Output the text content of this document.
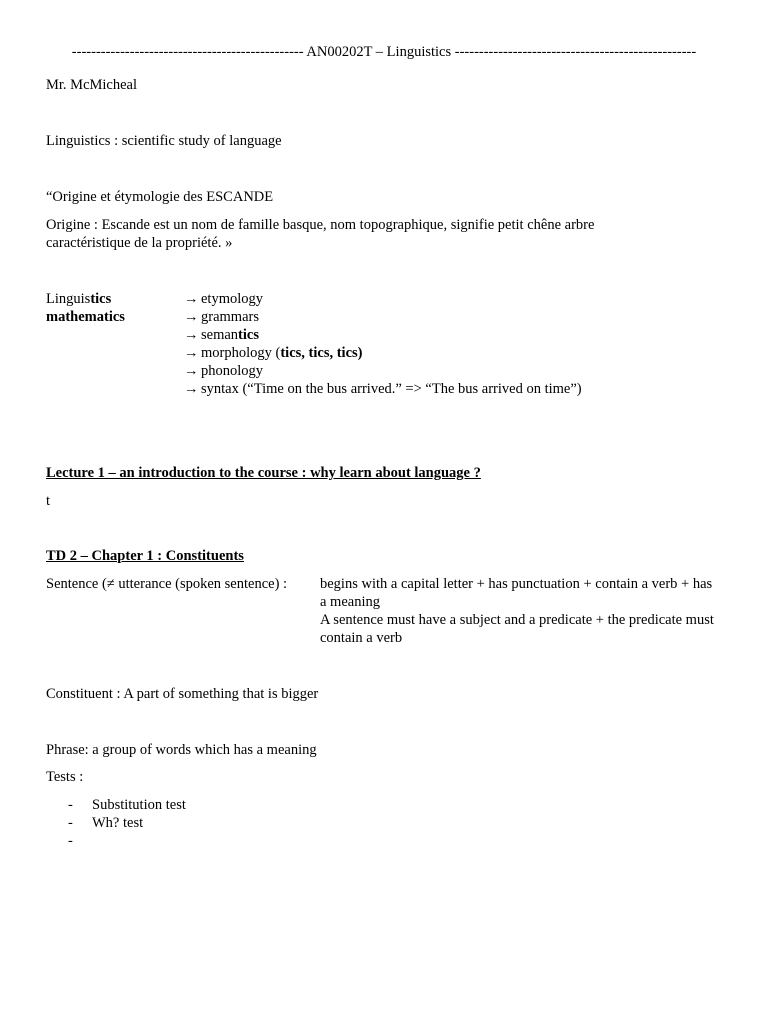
------------------------------------------------ AN00202T – Linguistics --------------------------------------------------
Mr. McMicheal
Linguistics : scientific study of language
“Origine et étymologie des ESCANDE
Origine : Escande est un nom de famille basque, nom topographique, signifie petit chêne arbre
caractéristique de la propriété. »
Linguistics
mathematics
→ etymology
→ grammars
→ semantics
→ morphology (tics, tics, tics)
→ phonology
→ syntax (“Time on the bus arrived.” => “The bus arrived on time”)
Lecture 1 – an introduction to the course : why learn about language ?
t
TD 2 – Chapter 1 : Constituents
Sentence (≠ utterance (spoken sentence) : begins with a capital letter + has punctuation + contain a verb + has a meaning
A sentence must have a subject and a predicate + the predicate must contain a verb
Constituent : A part of something that is bigger
Phrase: a group of words which has a meaning
Tests :
- Substitution test
- Wh? test
-
